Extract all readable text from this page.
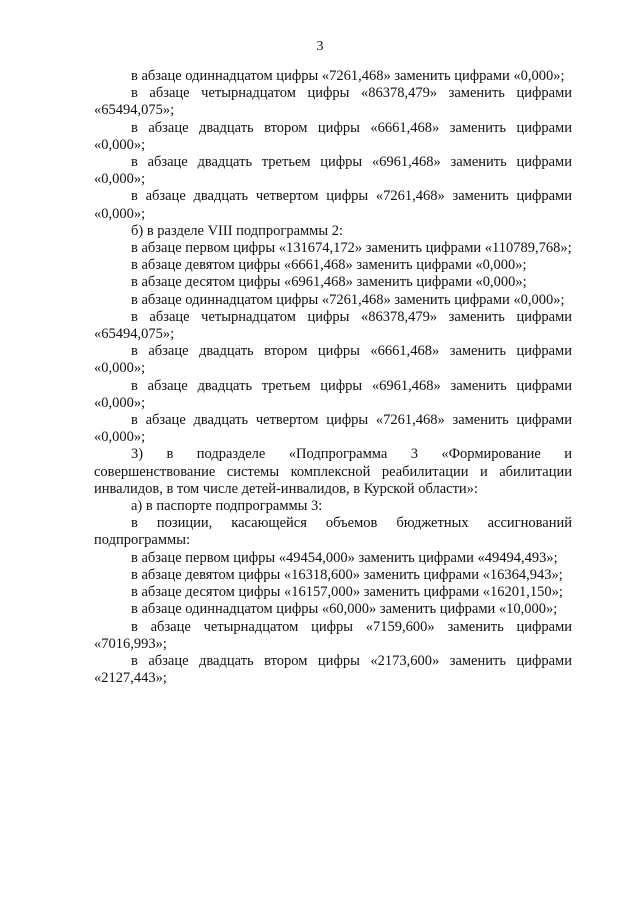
3

в абзаце одиннадцатом цифры «7261,468» заменить цифрами «0,000»;

в абзаце четырнадцатом цифры «86378,479» заменить цифрами «65494,075»;

в абзаце двадцать втором цифры «6661,468» заменить цифрами «0,000»;

в абзаце двадцать третьем цифры «6961,468» заменить цифрами «0,000»;

в абзаце двадцать четвертом цифры «7261,468» заменить цифрами «0,000»;

б) в разделе VIII подпрограммы 2:

в абзаце первом цифры «131674,172» заменить цифрами «110789,768»;

в абзаце девятом цифры «6661,468» заменить цифрами «0,000»;

в абзаце десятом цифры «6961,468» заменить цифрами «0,000»;

в абзаце одиннадцатом цифры «7261,468» заменить цифрами «0,000»;

в абзаце четырнадцатом цифры «86378,479» заменить цифрами «65494,075»;

в абзаце двадцать втором цифры «6661,468» заменить цифрами «0,000»;

в абзаце двадцать третьем цифры «6961,468» заменить цифрами «0,000»;

в абзаце двадцать четвертом цифры «7261,468» заменить цифрами «0,000»;

3) в подразделе «Подпрограмма 3 «Формирование и совершенствование системы комплексной реабилитации и абилитации инвалидов, в том числе детей-инвалидов, в Курской области»:

а) в паспорте подпрограммы 3:

в позиции, касающейся объемов бюджетных ассигнований подпрограммы:

в абзаце первом цифры «49454,000» заменить цифрами «49494,493»;

в абзаце девятом цифры «16318,600» заменить цифрами «16364,943»;

в абзаце десятом цифры «16157,000» заменить цифрами «16201,150»;

в абзаце одиннадцатом цифры «60,000» заменить цифрами «10,000»;

в абзаце четырнадцатом цифры «7159,600» заменить цифрами «7016,993»;

в абзаце двадцать втором цифры «2173,600» заменить цифрами «2127,443»;
